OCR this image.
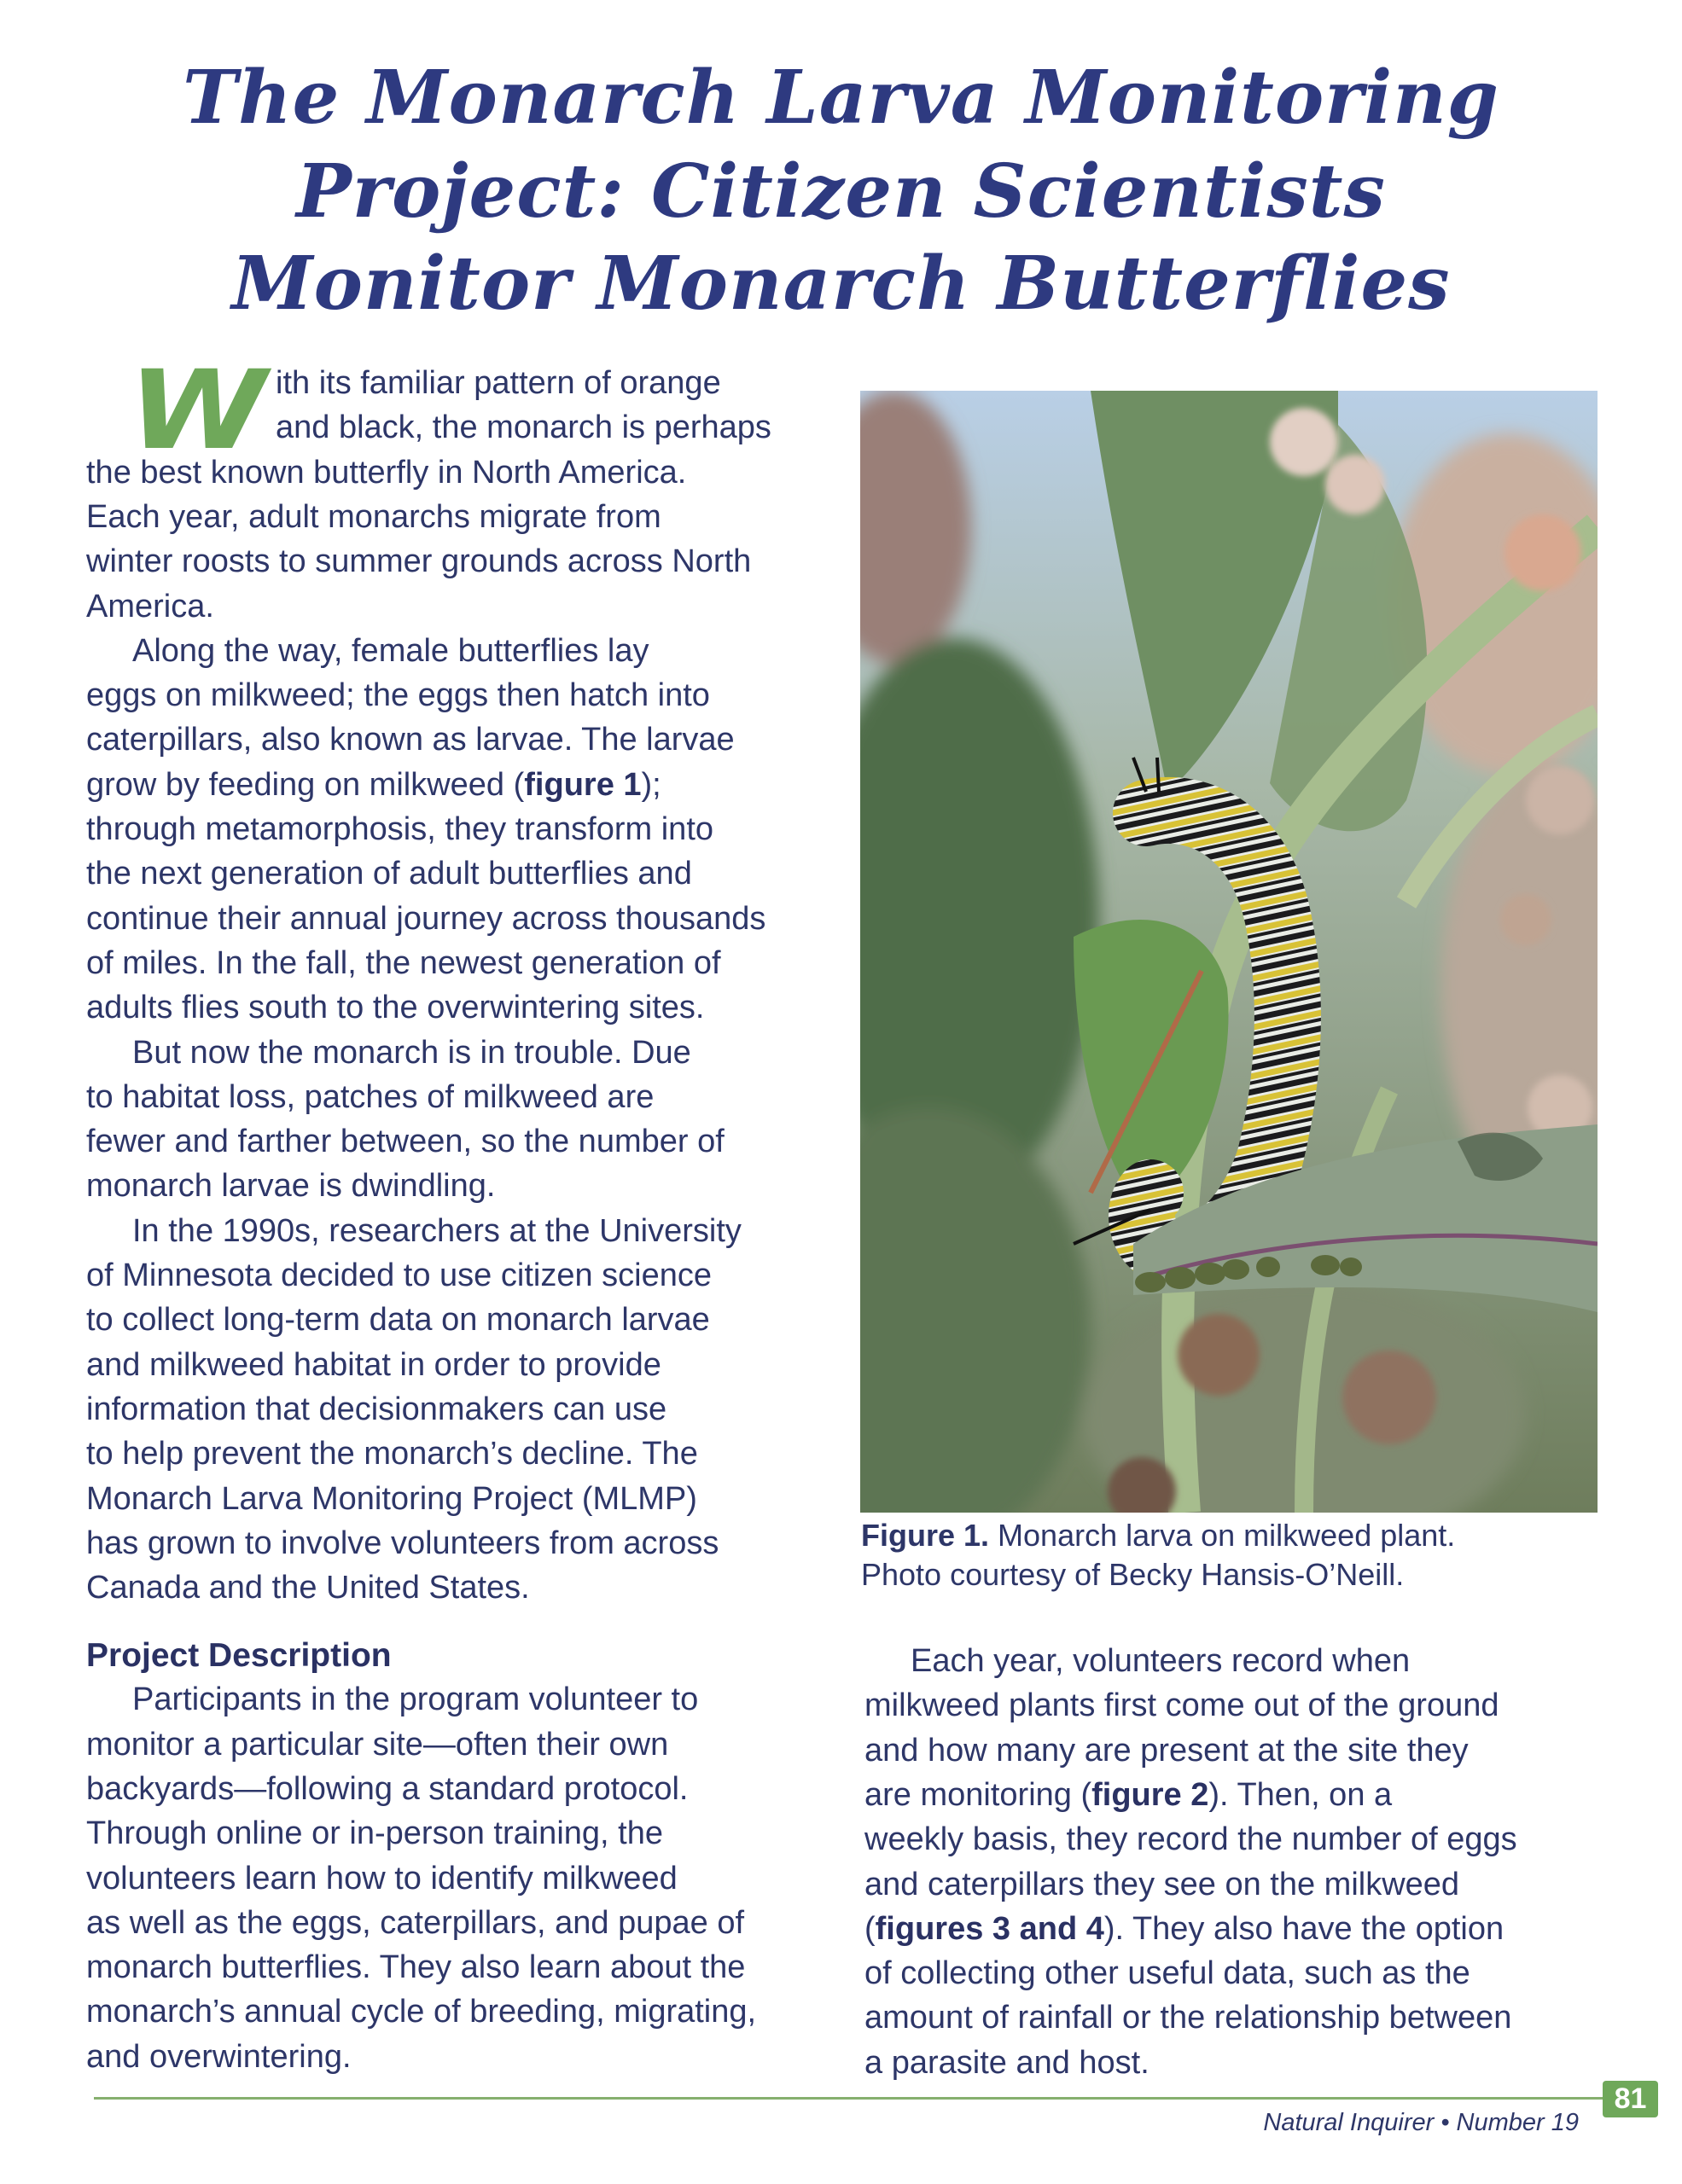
The Monarch Larva Monitoring
Project: Citizen Scientists
Monitor Monarch Butterflies
W ith its familiar pattern of orange
and black, the monarch is perhaps
the best known butterfly in North America.
Each year, adult monarchs migrate from
winter roosts to summer grounds across North
America.
Along the way, female butterflies lay
eggs on milkweed; the eggs then hatch into
caterpillars, also known as larvae. The larvae
grow by feeding on milkweed (figure 1);
through metamorphosis, they transform into
the next generation of adult butterflies and
continue their annual journey across thousands
of miles. In the fall, the newest generation of
adults flies south to the overwintering sites.
But now the monarch is in trouble. Due
to habitat loss, patches of milkweed are
fewer and farther between, so the number of
monarch larvae is dwindling.
In the 1990s, researchers at the University
of Minnesota decided to use citizen science
to collect long-term data on monarch larvae
and milkweed habitat in order to provide
information that decisionmakers can use
to help prevent the monarch’s decline. The
Monarch Larva Monitoring Project (MLMP)
has grown to involve volunteers from across
Canada and the United States.
Project Description
Participants in the program volunteer to
monitor a particular site—often their own
backyards—following a standard protocol.
Through online or in-person training, the
volunteers learn how to identify milkweed
as well as the eggs, caterpillars, and pupae of
monarch butterflies. They also learn about the
monarch’s annual cycle of breeding, migrating,
and overwintering.
Figure 1. Monarch larva on milkweed plant.
Photo courtesy of Becky Hansis-O’Neill.
Each year, volunteers record when
milkweed plants first come out of the ground
and how many are present at the site they
are monitoring (figure 2). Then, on a
weekly basis, they record the number of eggs
and caterpillars they see on the milkweed
(figures 3 and 4). They also have the option
of collecting other useful data, such as the
amount of rainfall or the relationship between
a parasite and host.
81
Natural Inquirer • Number 19
